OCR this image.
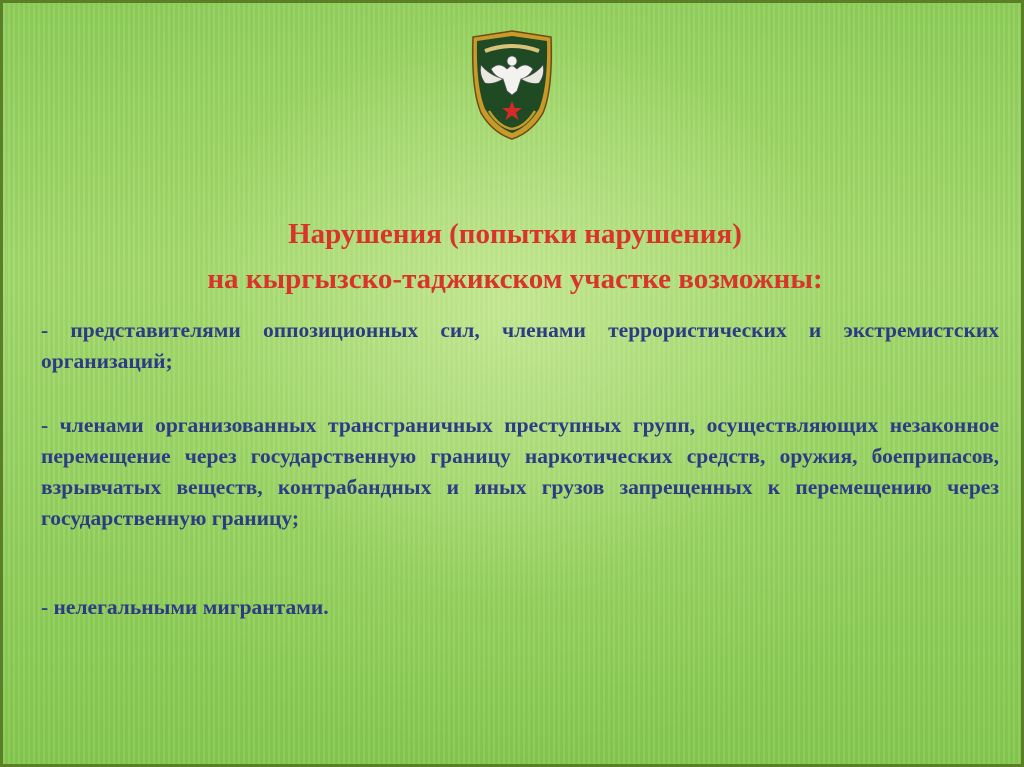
Нарушения (попытки нарушения)
на кыргызско-таджикском участке возможны:

- представителями оппозиционных сил, членами террористических и экстремистских организаций;

- членами организованных трансграничных преступных групп, осуществляющих незаконное перемещение через государственную границу наркотических средств, оружия, боеприпасов, взрывчатых веществ, контрабандных и иных грузов запрещенных к перемещению через государственную границу;

- нелегальными мигрантами.
